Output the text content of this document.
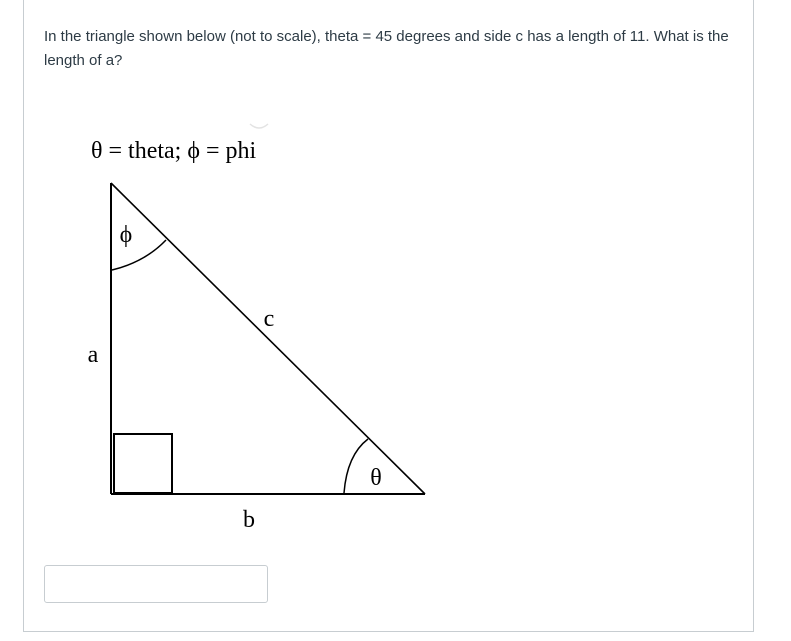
In the triangle shown below (not to scale), theta = 45 degrees and side c has a length of 11. What is the length of a?

θ = theta; ϕ = phi
ϕ
θ
a
b
c
